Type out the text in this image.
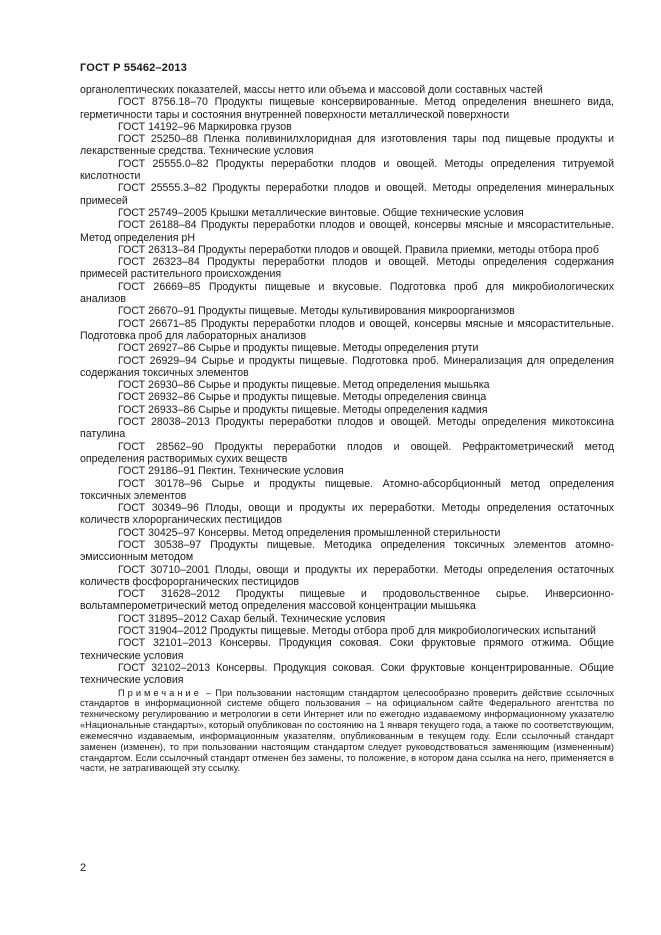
ГОСТ Р 55462–2013

органолептических показателей, массы нетто или объема и массовой доли составных частей

ГОСТ 8756.18–70 Продукты пищевые консервированные. Метод определения внешнего вида, герметичности тары и состояния внутренней поверхности металлической поверхности

ГОСТ 14192–96 Маркировка грузов

ГОСТ 25250–88 Пленка поливинилхлоридная для изготовления тары под пищевые продукты и лекарственные средства. Технические условия

ГОСТ 25555.0–82 Продукты переработки плодов и овощей. Методы определения титруемой кислотности

ГОСТ 25555.3–82 Продукты переработки плодов и овощей. Методы определения минеральных примесей

ГОСТ 25749–2005 Крышки металлические винтовые. Общие технические условия

ГОСТ 26188–84 Продукты переработки плодов и овощей, консервы мясные и мясорастительные. Метод определения рН

ГОСТ 26313–84 Продукты переработки плодов и овощей. Правила приемки, методы отбора проб

ГОСТ 26323–84 Продукты переработки плодов и овощей. Методы определения содержания примесей растительного происхождения

ГОСТ 26669–85 Продукты пищевые и вкусовые. Подготовка проб для микробиологических анализов

ГОСТ 26670–91 Продукты пищевые. Методы культивирования микроорганизмов

ГОСТ 26671–85 Продукты переработки плодов и овощей, консервы мясные и мясорастительные. Подготовка проб для лабораторных анализов

ГОСТ 26927–86 Сырье и продукты пищевые. Методы определения ртути

ГОСТ 26929–94 Сырье и продукты пищевые. Подготовка проб. Минерализация для определения содержания токсичных элементов

ГОСТ 26930–86 Сырье и продукты пищевые. Метод определения мышьяка

ГОСТ 26932–86 Сырье и продукты пищевые. Методы определения свинца

ГОСТ 26933–86 Сырье и продукты пищевые. Методы определения кадмия

ГОСТ 28038–2013 Продукты переработки плодов и овощей. Методы определения микотоксина патулина

ГОСТ 28562–90 Продукты переработки плодов и овощей. Рефрактометрический метод определения растворимых сухих веществ

ГОСТ 29186–91 Пектин. Технические условия

ГОСТ 30178–96 Сырье и продукты пищевые. Атомно-абсорбционный метод определения токсичных элементов

ГОСТ 30349–96 Плоды, овощи и продукты их переработки. Методы определения остаточных количеств хлорорганических пестицидов

ГОСТ 30425–97 Консервы. Метод определения промышленной стерильности

ГОСТ 30538–97 Продукты пищевые. Методика определения токсичных элементов атомно-эмиссионным методом

ГОСТ 30710–2001 Плоды, овощи и продукты их переработки. Методы определения остаточных количеств фосфорорганических пестицидов

ГОСТ 31628–2012 Продукты пищевые и продовольственное сырье. Инверсионно-вольтамперометрический метод определения массовой концентрации мышьяка

ГОСТ 31895–2012 Сахар белый. Технические условия

ГОСТ 31904–2012 Продукты пищевые. Методы отбора проб для микробиологических испытаний

ГОСТ 32101–2013 Консервы. Продукция соковая. Соки фруктовые прямого отжима. Общие технические условия

ГОСТ 32102–2013 Консервы. Продукция соковая. Соки фруктовые концентрированные. Общие технические условия

Примечание – При пользовании настоящим стандартом целесообразно проверить действие ссылочных стандартов в информационной системе общего пользования – на официальном сайте Федерального агентства по техническому регулированию и метрологии в сети Интернет или по ежегодно издаваемому информационному указателю «Национальные стандарты», который опубликован по состоянию на 1 января текущего года, а также по соответствующим, ежемесячно издаваемым, информационным указателям, опубликованным в текущем году. Если ссылочный стандарт заменен (изменен), то при пользовании настоящим стандартом следует руководствоваться заменяющим (измененным) стандартом. Если ссылочный стандарт отменен без замены, то положение, в котором дана ссылка на него, применяется в части, не затрагивающей эту ссылку.

2
